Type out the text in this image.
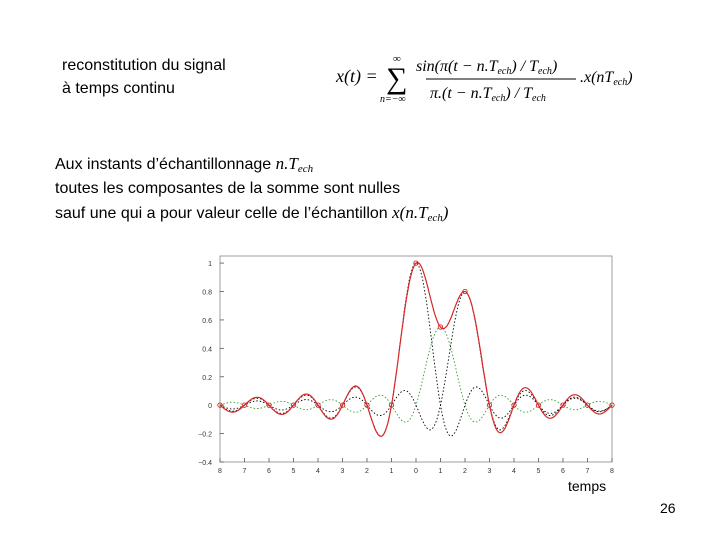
reconstitution du signal
à temps continu
x(t) =
∞
∑
n=−∞
sin(π(t − n.Tech) / Tech)
π.(t − n.Tech) / Tech
.x(nTech)
Aux instants d’échantillonnage $n.T_{ech}$
toutes les composantes de la somme sont nulles
sauf une qui a pour valeur celle de l’échantillon $x(n.T_{ech})$
1
0.8
0.6
0.4
0.2
0
−0.2
−0.4
8	7	6	5	4	3	2	1	0	1	2	3	4	5	6	7	8
temps
26
